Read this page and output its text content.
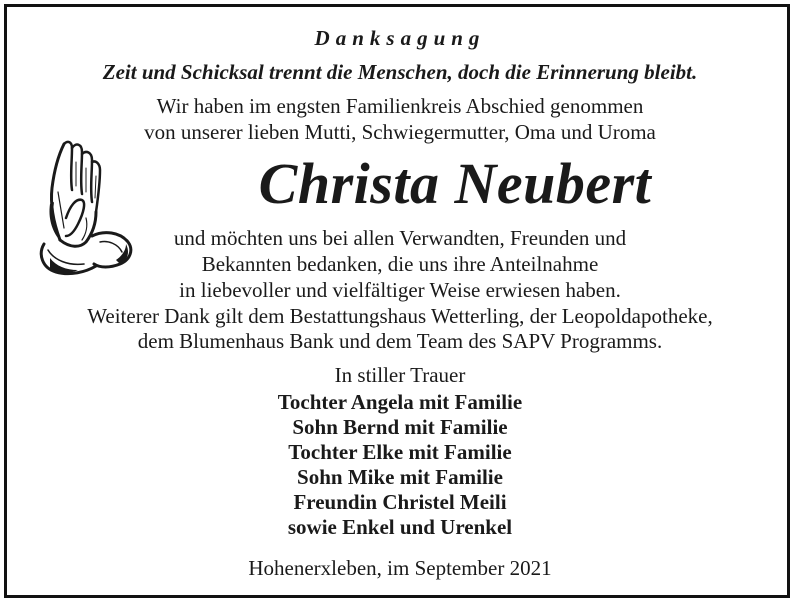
Danksagung
Zeit und Schicksal trennt die Menschen, doch die Erinnerung bleibt.
Wir haben im engsten Familienkreis Abschied genommen
von unserer lieben Mutti, Schwiegermutter, Oma und Uroma
Christa Neubert
und möchten uns bei allen Verwandten, Freunden und
Bekannten bedanken, die uns ihre Anteilnahme
in liebevoller und vielfältiger Weise erwiesen haben.
Weiterer Dank gilt dem Bestattungshaus Wetterling, der Leopoldapotheke,
dem Blumenhaus Bank und dem Team des SAPV Programms.
In stiller Trauer
Tochter Angela mit Familie
Sohn Bernd mit Familie
Tochter Elke mit Familie
Sohn Mike mit Familie
Freundin Christel Meili
sowie Enkel und Urenkel
Hohenerxleben, im September 2021
